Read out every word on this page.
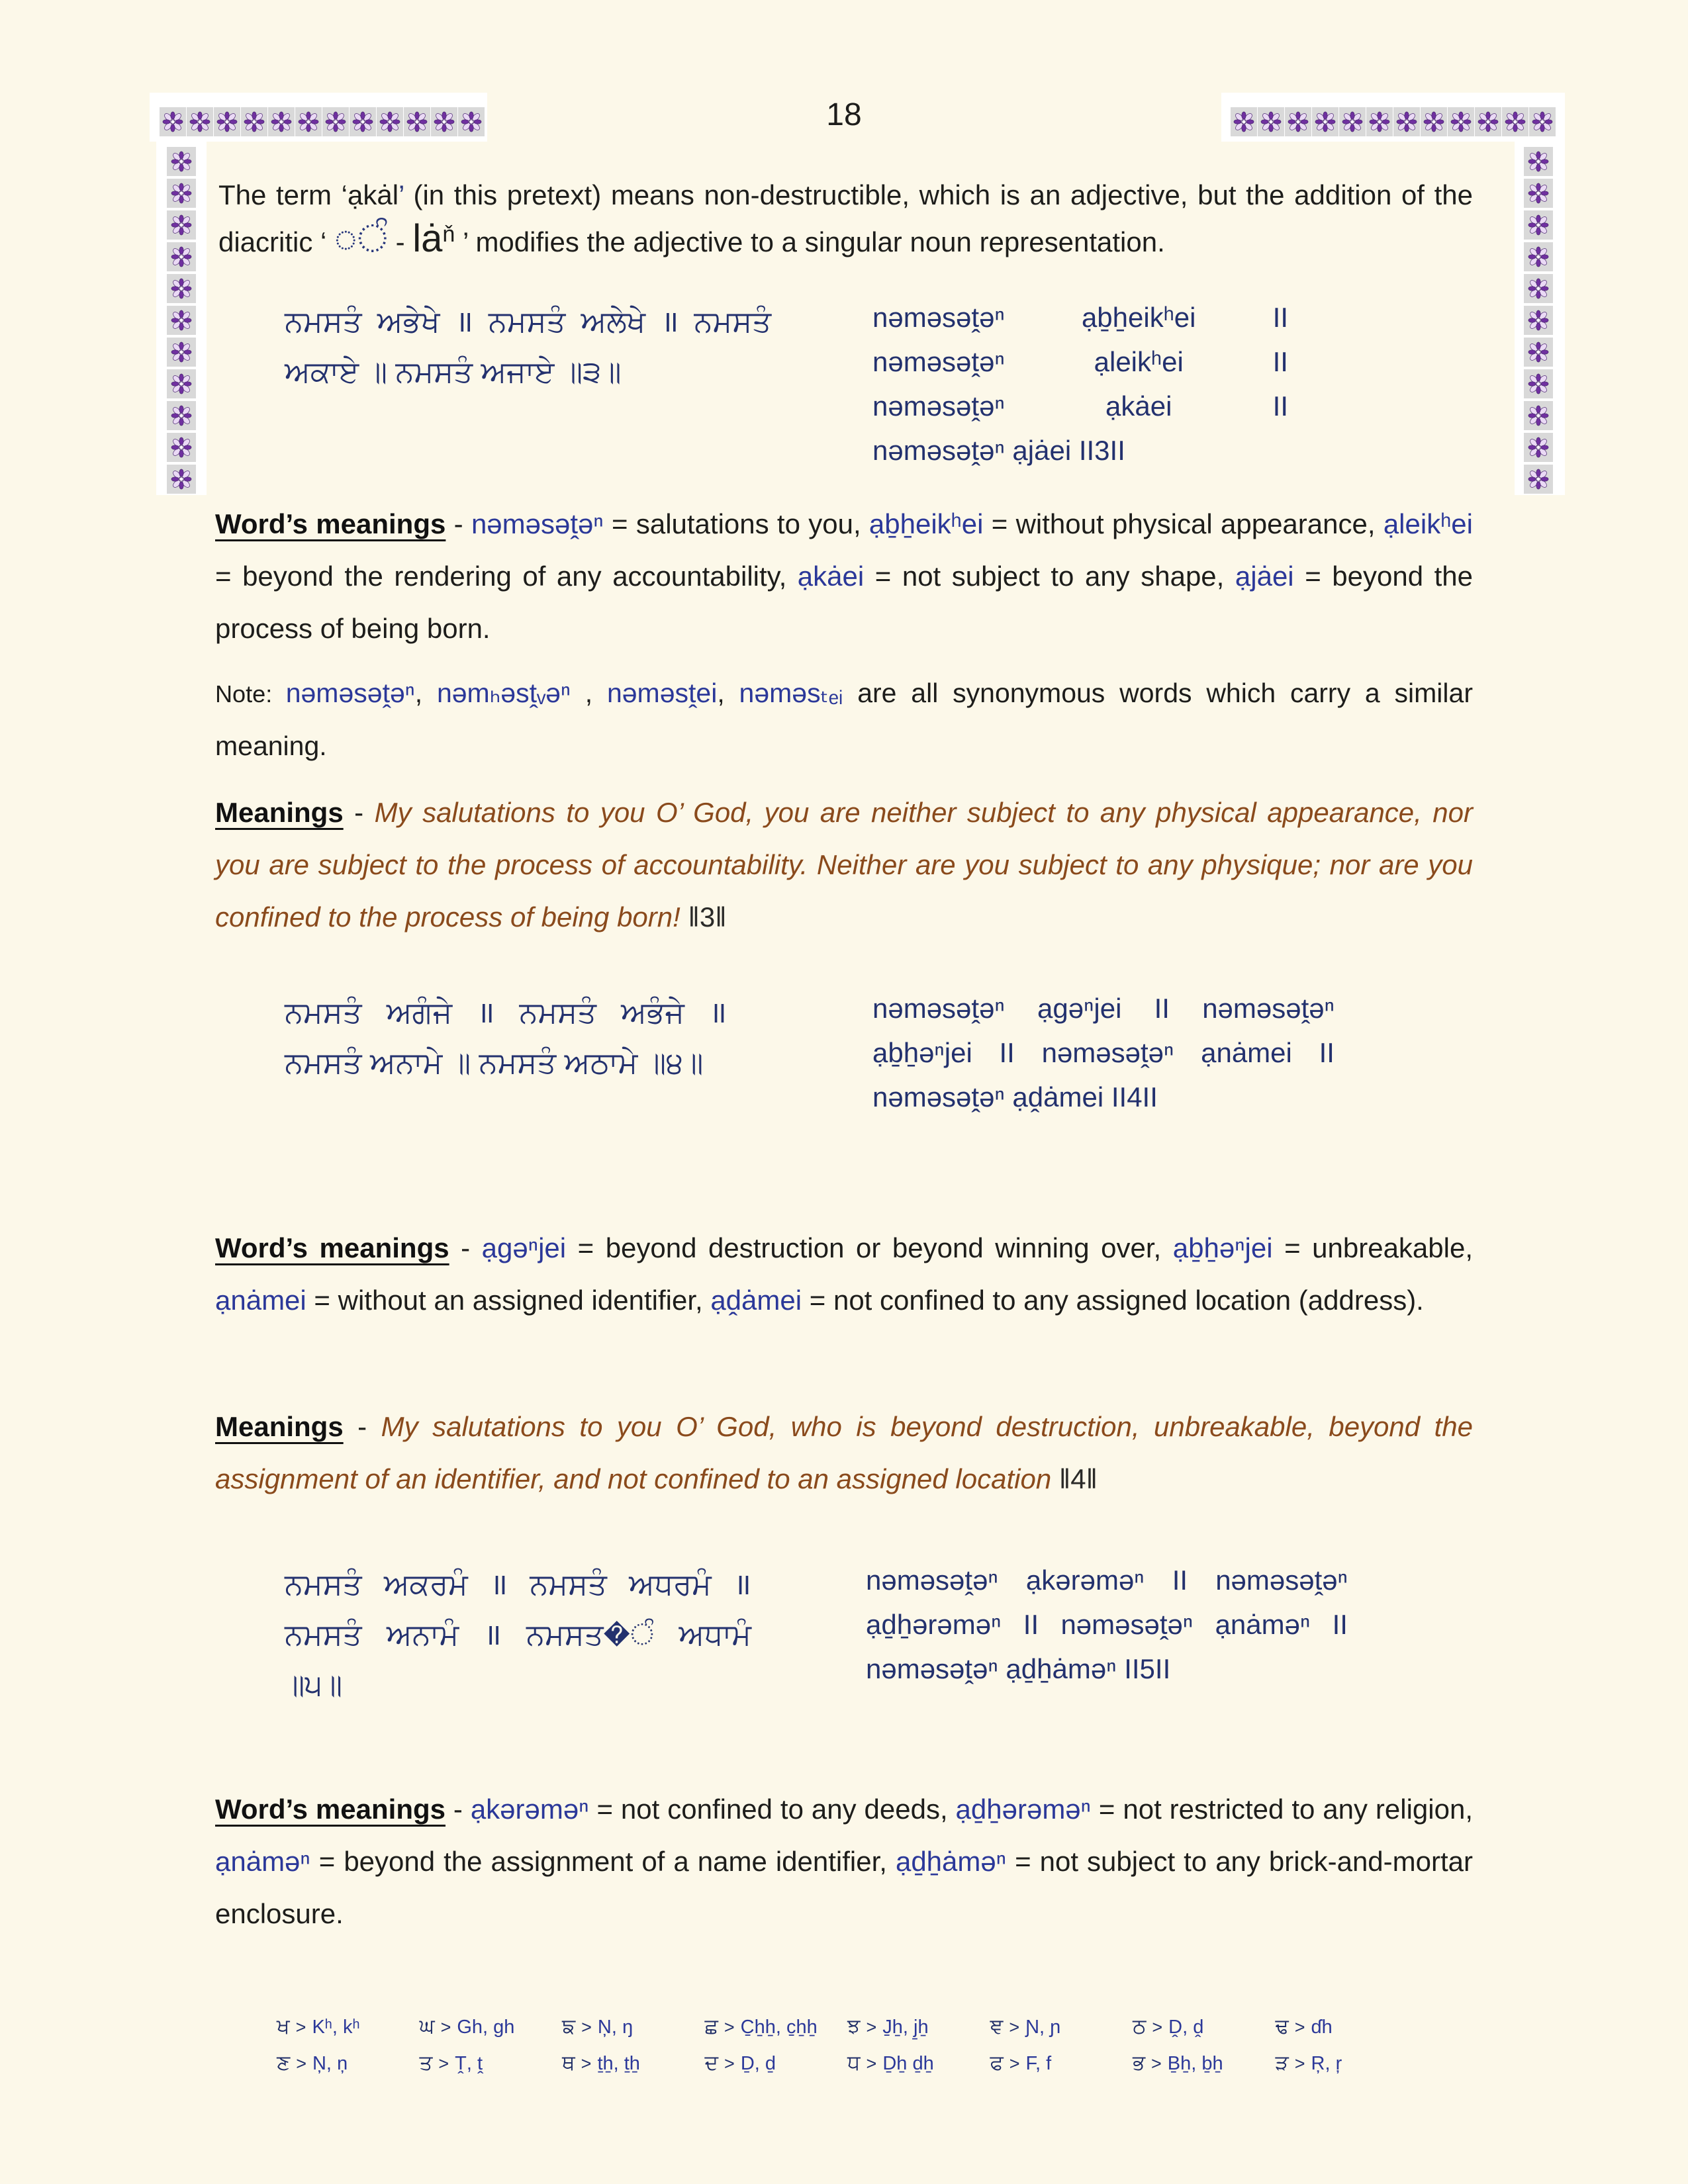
18
The term ‘ạkȧl’ (in this pretext) means non-destructible, which is an adjective, but the addition of the diacritic ‘ ◌ੰ - $lȧ^ň$ ’ modifies the adjective to a singular noun representation.
ਨਮਸਤੰ ਅਭੇਖੇ ॥ ਨਮਸਤੰ ਅਲੇਖੇ ॥ ਨਮਸਤੰ
ਅਕਾਏ ॥ ਨਮਸਤੰ ਅਜਾਏ ॥੩॥
nəməsəṱəⁿ	ạḇẖeikʰei	II
nəməsəṱəⁿ	ạleikʰei	II
nəməsəṱəⁿ	ạkȧei	II
nəməsəṱəⁿ ạjȧei II3II
Word’s meanings - nəməsəṱəⁿ = salutations to you, ạḇẖeikʰei = without physical appearance, ạleikʰei = beyond the rendering of any accountability, ạkȧei = not subject to any shape, ạjȧei = beyond the process of being born.
Note: nəməsəṱəⁿ, nəmₕəsṱᵥəⁿ , nəməsṱei, nəməsₜₑᵢ are all synonymous words which carry a similar meaning.
Meanings - My salutations to you O’ God, you are neither subject to any physical appearance, nor you are subject to the process of accountability. Neither are you subject to any physique; nor are you confined to the process of being born! ‖3‖
ਨਮਸਤੰ ਅਗੰਜੇ ॥ ਨਮਸਤੰ ਅਭੰਜੇ ॥
ਨਮਸਤੰ ਅਨਾਮੇ ॥ ਨਮਸਤੰ ਅਠਾਮੇ ॥੪॥
nəməsəṱəⁿ ạgəⁿjei II nəməsəṱəⁿ
ạḇẖəⁿjei II nəməsəṱəⁿ ạnȧmei II
nəməsəṱəⁿ ạḓȧmei II4II
Word’s meanings - ạgəⁿjei = beyond destruction or beyond winning over, ạḇẖəⁿjei = unbreakable, ạnȧmei = without an assigned identifier, ạḓȧmei = not confined to any assigned location (address).
Meanings - My salutations to you O’ God, who is beyond destruction, unbreakable, beyond the assignment of an identifier, and not confined to an assigned location ‖4‖
ਨਮਸਤੰ ਅਕਰਮੰ ॥ ਨਮਸਤੰ ਅਧਰਮੰ ॥
ਨਮਸਤੰ ਅਨਾਮੰ ॥ ਨਮਸਤ�ੰ ਅਧਾਮੰ
॥੫॥
nəməsəṱəⁿ ạkərəməⁿ II nəməsəṱəⁿ
ạḏẖərəməⁿ II nəməsəṱəⁿ ạnȧməⁿ II
nəməsəṱəⁿ ạḏẖȧməⁿ II5II
Word’s meanings - ạkərəməⁿ = not confined to any deeds, ạḏẖərəməⁿ = not restricted to any religion, ạnȧməⁿ = beyond the assignment of a name identifier, ạḏẖȧməⁿ = not subject to any brick-and-mortar enclosure.
ਖ > Kʰ, kʰ	ਘ > Gh, gh	ਙ > Ņ, ŋ	ਛ > C̱ẖẖ, c̱ẖẖ	ਝ > J̱ẖ, j̱ẖ	ਞ > Ɲ, ɲ	ਠ > Ḓ, ḓ	ਢ > ɗh
ਣ > Ņ, ņ	ਤ > Ṱ, ṱ	ਥ > ṯẖ, ṯẖ	ਦ > Ḏ, ḏ	ਧ > Ḏẖ ḏẖ	ਫ > F, f	ਭ > Ḇẖ, ḇẖ	ੜ > Ŗ, ŗ
